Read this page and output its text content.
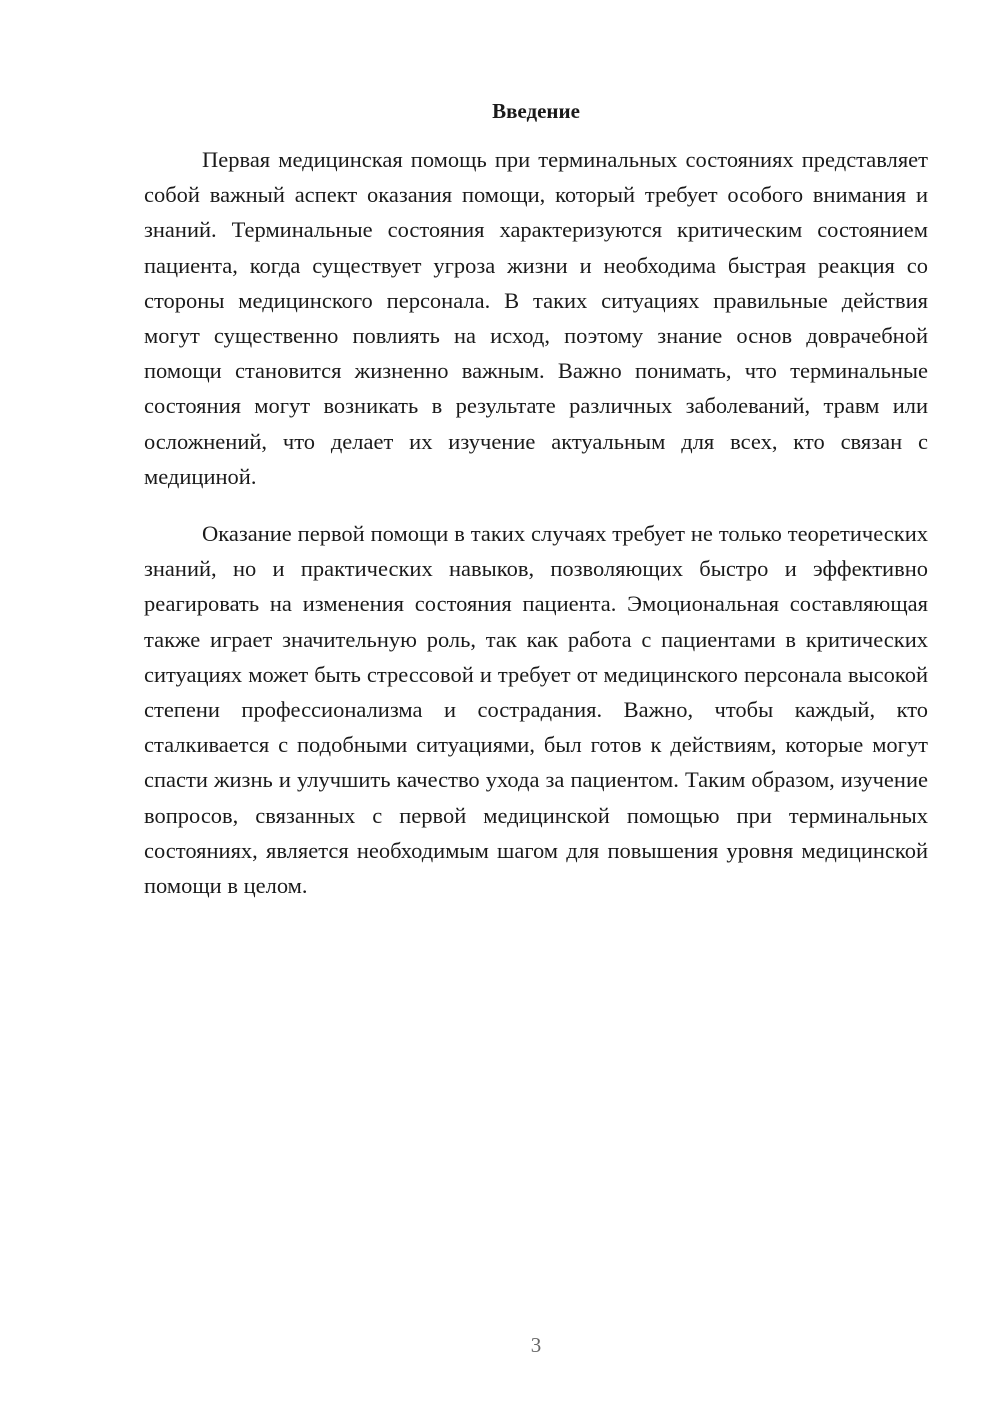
Введение

Первая медицинская помощь при терминальных состояниях представляет собой важный аспект оказания помощи, который требует особого внимания и знаний. Терминальные состояния характеризуются критическим состоянием пациента, когда существует угроза жизни и необходима быстрая реакция со стороны медицинского персонала. В таких ситуациях правильные действия могут существенно повлиять на исход, поэтому знание основ доврачебной помощи становится жизненно важным. Важно понимать, что терминальные состояния могут возникать в результате различных заболеваний, травм или осложнений, что делает их изучение актуальным для всех, кто связан с медициной.

Оказание первой помощи в таких случаях требует не только теоретических знаний, но и практических навыков, позволяющих быстро и эффективно реагировать на изменения состояния пациента. Эмоциональная составляющая также играет значительную роль, так как работа с пациентами в критических ситуациях может быть стрессовой и требует от медицинского персонала высокой степени профессионализма и сострадания. Важно, чтобы каждый, кто сталкивается с подобными ситуациями, был готов к действиям, которые могут спасти жизнь и улучшить качество ухода за пациентом. Таким образом, изучение вопросов, связанных с первой медицинской помощью при терминальных состояниях, является необходимым шагом для повышения уровня медицинской помощи в целом.

3
